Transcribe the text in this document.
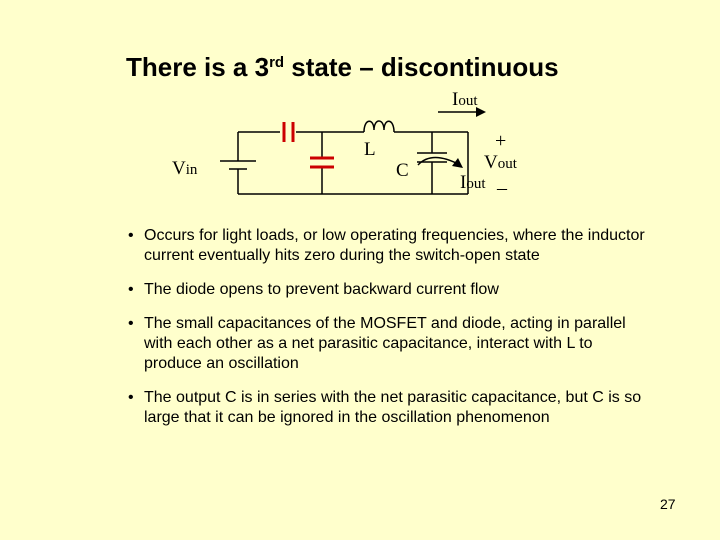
There is a 3rd state – discontinuous
Vin
L
C
Iout
Iout
+
Vout
–
• Occurs for light loads, or low operating frequencies, where the inductor current eventually hits zero during the switch-open state
• The diode opens to prevent backward current flow
• The small capacitances of the MOSFET and diode, acting in parallel with each other as a net parasitic capacitance, interact with L to produce an oscillation
• The output C is in series with the net parasitic capacitance, but C is so large that it can be ignored in the oscillation phenomenon
27
